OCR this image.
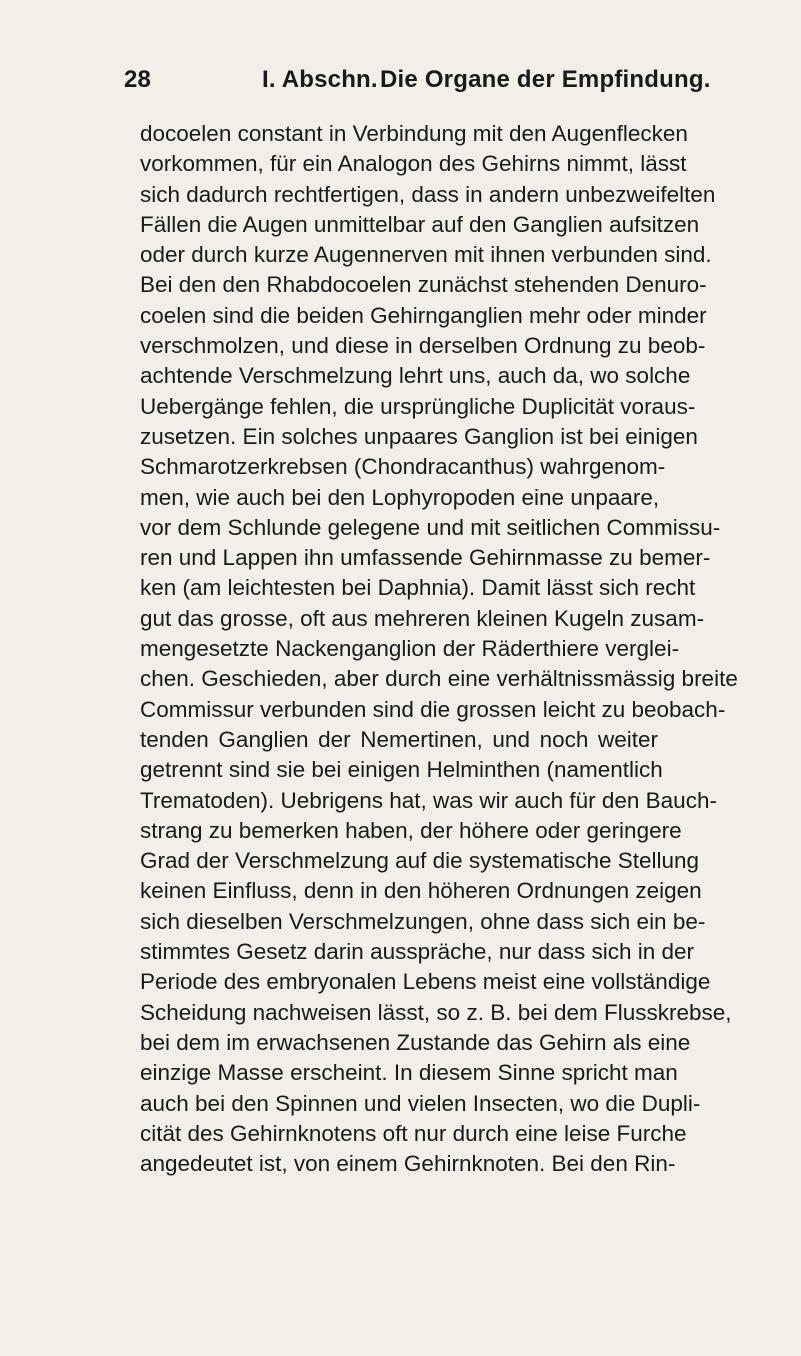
28	I. Abschn. Die Organe der Empfindung.
docoelen constant in Verbindung mit den Augenflecken
vorkommen, für ein Analogon des Gehirns nimmt, lässt
sich dadurch rechtfertigen, dass in andern unbezweifelten
Fällen die Augen unmittelbar auf den Ganglien aufsitzen
oder durch kurze Augennerven mit ihnen verbunden sind.
Bei den den Rhabdocoelen zunächst stehenden Denuro-
coelen sind die beiden Gehirnganglien mehr oder minder
verschmolzen, und diese in derselben Ordnung zu beob-
achtende Verschmelzung lehrt uns, auch da, wo solche
Uebergänge fehlen, die ursprüngliche Duplicität voraus-
zusetzen. Ein solches unpaares Ganglion ist bei einigen
Schmarotzerkrebsen (Chondracanthus) wahrgenom-
men, wie auch bei den Lophyropoden eine unpaare,
vor dem Schlunde gelegene und mit seitlichen Commissu-
ren und Lappen ihn umfassende Gehirnmasse zu bemer-
ken (am leichtesten bei Daphnia). Damit lässt sich recht
gut das grosse, oft aus mehreren kleinen Kugeln zusam-
mengesetzte Nackenganglion der Räderthiere verglei-
chen. Geschieden, aber durch eine verhältnissmässig breite
Commissur verbunden sind die grossen leicht zu beobach-
tenden Ganglien der Nemertinen, und noch weiter
getrennt sind sie bei einigen Helminthen (namentlich
Trematoden). Uebrigens hat, was wir auch für den Bauch-
strang zu bemerken haben, der höhere oder geringere
Grad der Verschmelzung auf die systematische Stellung
keinen Einfluss, denn in den höheren Ordnungen zeigen
sich dieselben Verschmelzungen, ohne dass sich ein be-
stimmtes Gesetz darin ausspräche, nur dass sich in der
Periode des embryonalen Lebens meist eine vollständige
Scheidung nachweisen lässt, so z. B. bei dem Flusskrebse,
bei dem im erwachsenen Zustande das Gehirn als eine
einzige Masse erscheint. In diesem Sinne spricht man
auch bei den Spinnen und vielen Insecten, wo die Dupli-
cität des Gehirnknotens oft nur durch eine leise Furche
angedeutet ist, von einem Gehirnknoten. Bei den Rin-
